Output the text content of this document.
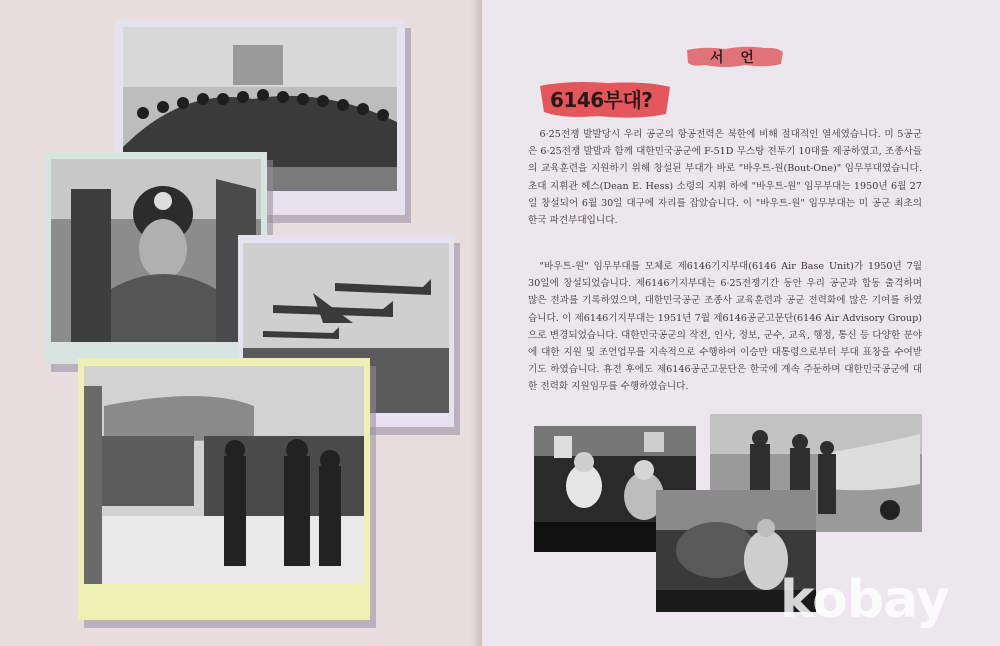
서 언
6146부대?
6·25전쟁 발발당시 우리 공군의 항공전력은 북한에 비해 절대적인 열세였습니다. 미 5공군은 6·25전쟁 발발과 함께 대한민국공군에 F-51D 무스탕 전투기 10대를 제공하였고, 조종사들의 교육훈련을 지원하기 위해 창설된 부대가 바로 "바우트-원(Bout-One)" 임무부대였습니다. 초대 지휘관 헤스(Dean E. Hess) 소령의 지휘 하에 "바우트-원" 임무부대는 1950년 6월 27일 창설되어 6월 30일 대구에 자리를 잡았습니다. 이 "바우트-원" 임무부대는 미 공군 최초의 한국 파견부대입니다.
"바우트-원" 임무부대를 모체로 제6146기지부대(6146 Air Base Unit)가 1950년 7월 30일에 창설되었습니다. 제6146기지부대는 6·25전쟁기간 동안 우리 공군과 합동 출격하며 많은 전과를 기록하였으며, 대한민국공군 조종사 교육훈련과 공군 전력화에 많은 기여를 하였습니다. 이 제6146기지부대는 1951년 7월 제6146공군고문단(6146 Air Advisory Group)으로 변경되었습니다. 대한민국공군의 작전, 인사, 정보, 군수, 교육, 행정, 통신 등 다양한 분야에 대한 지원 및 조언업무를 지속적으로 수행하여 이승만 대통령으로부터 부대 표창을 수여받기도 하였습니다. 휴전 후에도 제6146공군고문단은 한국에 계속 주둔하며 대한민국공군에 대한 전력화 지원임무를 수행하였습니다.
kobay
